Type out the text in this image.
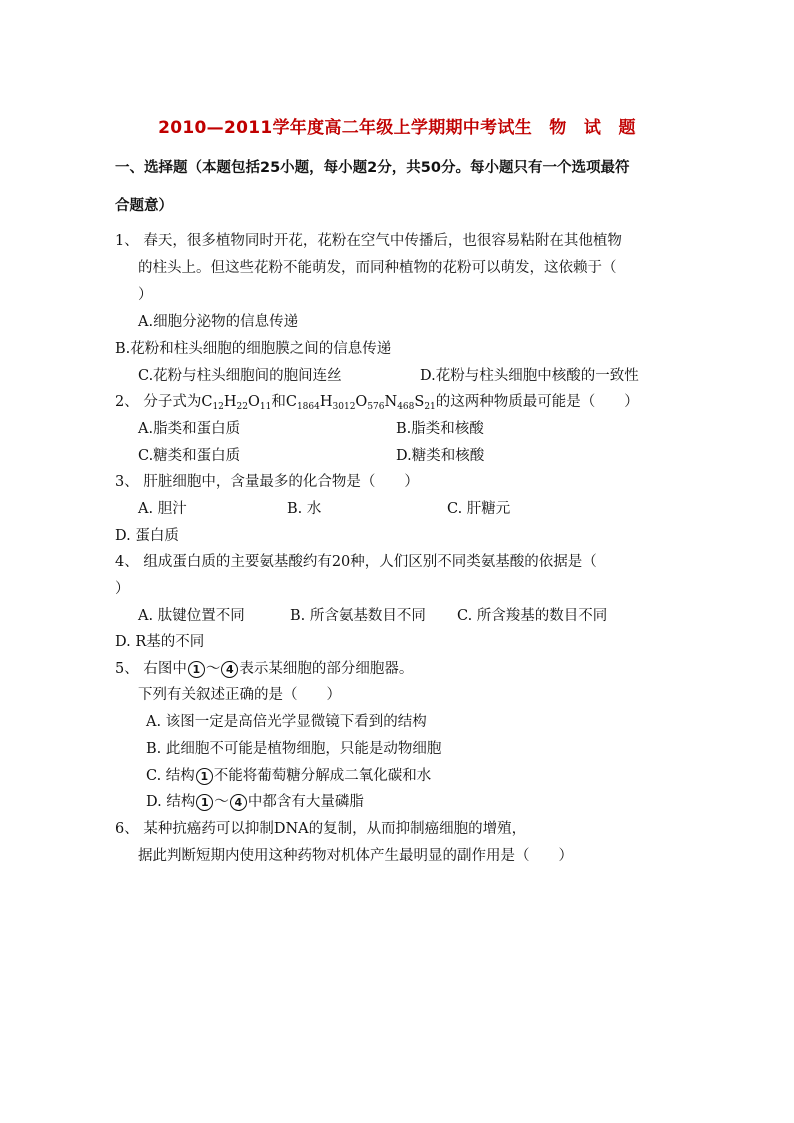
2010—2011学年度高二年级上学期期中考试生　物　试　题
一、选择题（本题包括25小题，每小题2分，共50分。每小题只有一个选项最符
合题意）
1、 春天，很多植物同时开花，花粉在空气中传播后，也很容易粘附在其他植物
的柱头上。但这些花粉不能萌发，而同种植物的花粉可以萌发，这依赖于（
）
A.细胞分泌物的信息传递
B.花粉和柱头细胞的细胞膜之间的信息传递
C.花粉与柱头细胞间的胞间连丝	D.花粉与柱头细胞中核酸的一致性
2、 分子式为$C_{12}H_{22}O_{11}$和$C_{1864}H_{3012}O_{576}N_{468}S_{21}$的这两种物质最可能是（　　）
A.脂类和蛋白质	B.脂类和核酸
C.糖类和蛋白质	D.糖类和核酸
3、 肝脏细胞中，含量最多的化合物是（　　）
A. 胆汁	B. 水	C. 肝糖元
D. 蛋白质
4、 组成蛋白质的主要氨基酸约有20种，人们区别不同类氨基酸的依据是（
）
A. 肽键位置不同	B. 所含氨基数目不同 C. 所含羧基的数目不同
D. R基的不同
5、 右图中 1 ～ 4 表示某细胞的部分细胞器。
下列有关叙述正确的是（　　）
A. 该图一定是高倍光学显微镜下看到的结构
B. 此细胞不可能是植物细胞，只能是动物细胞
C. 结构 1 不能将葡萄糖分解成二氧化碳和水
D. 结构 1 ～ 4 中都含有大量磷脂
6、 某种抗癌药可以抑制DNA的复制，从而抑制癌细胞的增殖，
据此判断短期内使用这种药物对机体产生最明显的副作用是（　　）
